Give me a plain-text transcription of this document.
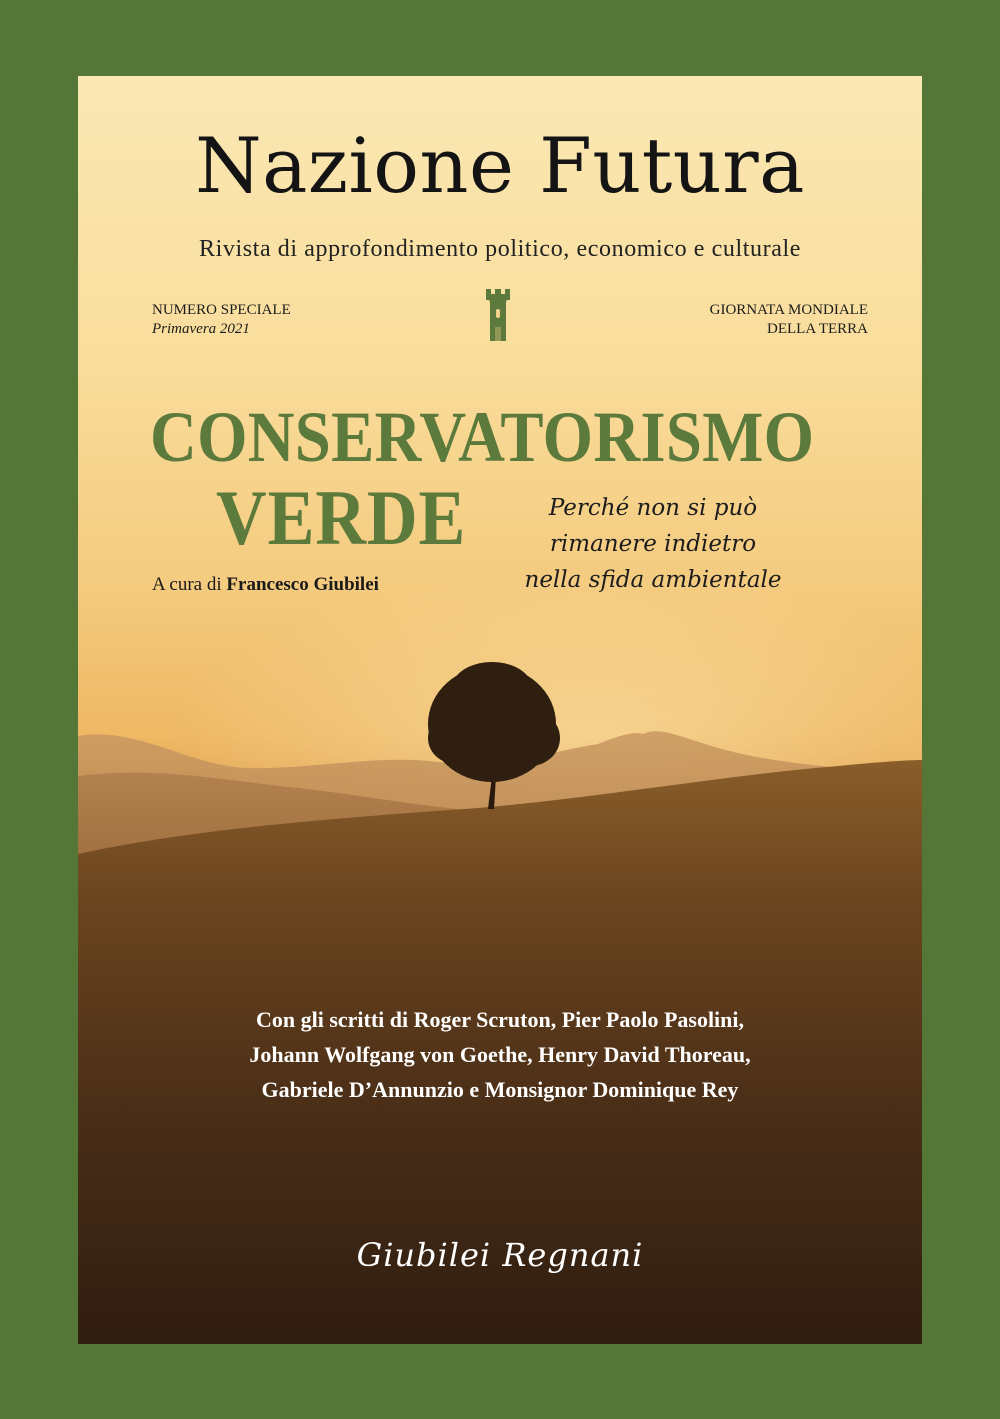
Nazione Futura
Rivista di approfondimento politico, economico e culturale
NUMERO SPECIALE
Primavera 2021
GIORNATA MONDIALE
DELLA TERRA
CONSERVATORISMO
VERDE
A cura di Francesco Giubilei
Perché non si può
rimanere indietro
nella sfida ambientale
Con gli scritti di Roger Scruton, Pier Paolo Pasolini,
Johann Wolfgang von Goethe, Henry David Thoreau,
Gabriele D’Annunzio e Monsignor Dominique Rey
Giubilei Regnani
